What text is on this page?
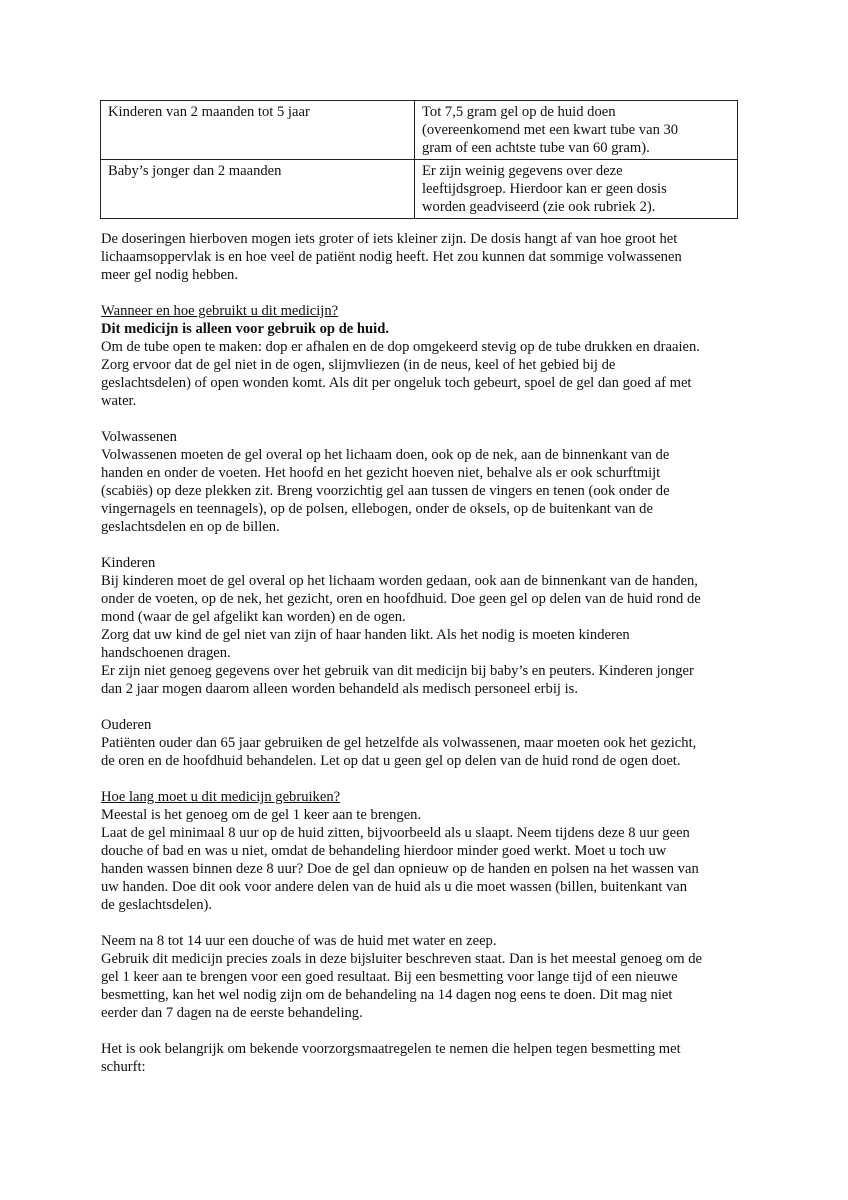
Kinderen van 2 maanden tot 5 jaar	Tot 7,5 gram gel op de huid doen
(overeenkomend met een kwart tube van 30
gram of een achtste tube van 60 gram).

Baby’s jonger dan 2 maanden	Er zijn weinig gegevens over deze
leeftijdsgroep. Hierdoor kan er geen dosis
worden geadviseerd (zie ook rubriek 2).
De doseringen hierboven mogen iets groter of iets kleiner zijn. De dosis hangt af van hoe groot het
lichaamsoppervlak is en hoe veel de patiënt nodig heeft. Het zou kunnen dat sommige volwassenen
meer gel nodig hebben.
Wanneer en hoe gebruikt u dit medicijn?
Dit medicijn is alleen voor gebruik op de huid.
Om de tube open te maken: dop er afhalen en de dop omgekeerd stevig op de tube drukken en draaien.
Zorg ervoor dat de gel niet in de ogen, slijmvliezen (in de neus, keel of het gebied bij de
geslachtsdelen) of open wonden komt. Als dit per ongeluk toch gebeurt, spoel de gel dan goed af met
water.
Volwassenen
Volwassenen moeten de gel overal op het lichaam doen, ook op de nek, aan de binnenkant van de
handen en onder de voeten. Het hoofd en het gezicht hoeven niet, behalve als er ook schurftmijt
(scabiës) op deze plekken zit. Breng voorzichtig gel aan tussen de vingers en tenen (ook onder de
vingernagels en teennagels), op de polsen, ellebogen, onder de oksels, op de buitenkant van de
geslachtsdelen en op de billen.
Kinderen
Bij kinderen moet de gel overal op het lichaam worden gedaan, ook aan de binnenkant van de handen,
onder de voeten, op de nek, het gezicht, oren en hoofdhuid. Doe geen gel op delen van de huid rond de
mond (waar de gel afgelikt kan worden) en de ogen.
Zorg dat uw kind de gel niet van zijn of haar handen likt. Als het nodig is moeten kinderen
handschoenen dragen.
Er zijn niet genoeg gegevens over het gebruik van dit medicijn bij baby’s en peuters. Kinderen jonger
dan 2 jaar mogen daarom alleen worden behandeld als medisch personeel erbij is.
Ouderen
Patiënten ouder dan 65 jaar gebruiken de gel hetzelfde als volwassenen, maar moeten ook het gezicht,
de oren en de hoofdhuid behandelen. Let op dat u geen gel op delen van de huid rond de ogen doet.
Hoe lang moet u dit medicijn gebruiken?
Meestal is het genoeg om de gel 1 keer aan te brengen.
Laat de gel minimaal 8 uur op de huid zitten, bijvoorbeeld als u slaapt. Neem tijdens deze 8 uur geen
douche of bad en was u niet, omdat de behandeling hierdoor minder goed werkt. Moet u toch uw
handen wassen binnen deze 8 uur? Doe de gel dan opnieuw op de handen en polsen na het wassen van
uw handen. Doe dit ook voor andere delen van de huid als u die moet wassen (billen, buitenkant van
de geslachtsdelen).
Neem na 8 tot 14 uur een douche of was de huid met water en zeep.
Gebruik dit medicijn precies zoals in deze bijsluiter beschreven staat. Dan is het meestal genoeg om de
gel 1 keer aan te brengen voor een goed resultaat. Bij een besmetting voor lange tijd of een nieuwe
besmetting, kan het wel nodig zijn om de behandeling na 14 dagen nog eens te doen. Dit mag niet
eerder dan 7 dagen na de eerste behandeling.
Het is ook belangrijk om bekende voorzorgsmaatregelen te nemen die helpen tegen besmetting met
schurft:
